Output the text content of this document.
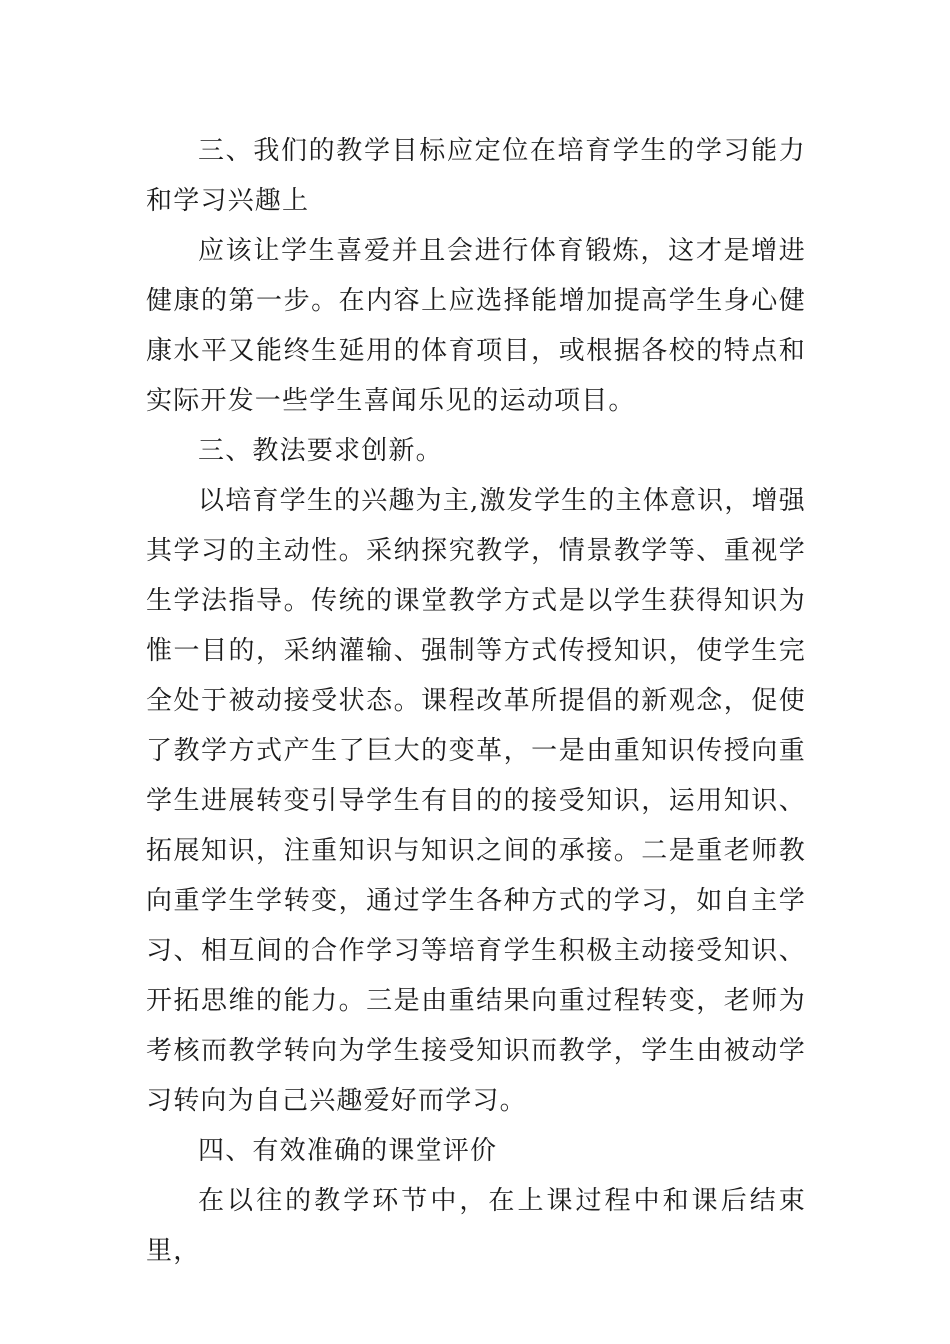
三、我们的教学目标应定位在培育学生的学习能力和学习兴趣上

应该让学生喜爱并且会进行体育锻炼，这才是增进健康的第一步。在内容上应选择能增加提高学生身心健康水平又能终生延用的体育项目，或根据各校的特点和实际开发一些学生喜闻乐见的运动项目。

三、教法要求创新。

以培育学生的兴趣为主,激发学生的主体意识，增强其学习的主动性。采纳探究教学，情景教学等、重视学生学法指导。传统的课堂教学方式是以学生获得知识为惟一目的，采纳灌输、强制等方式传授知识，使学生完全处于被动接受状态。课程改革所提倡的新观念，促使了教学方式产生了巨大的变革，一是由重知识传授向重学生进展转变引导学生有目的的接受知识，运用知识、拓展知识，注重知识与知识之间的承接。二是重老师教向重学生学转变，通过学生各种方式的学习，如自主学习、相互间的合作学习等培育学生积极主动接受知识、开拓思维的能力。三是由重结果向重过程转变，老师为考核而教学转向为学生接受知识而教学，学生由被动学习转向为自己兴趣爱好而学习。

四、有效准确的课堂评价

在以往的教学环节中，在上课过程中和课后结束里，
